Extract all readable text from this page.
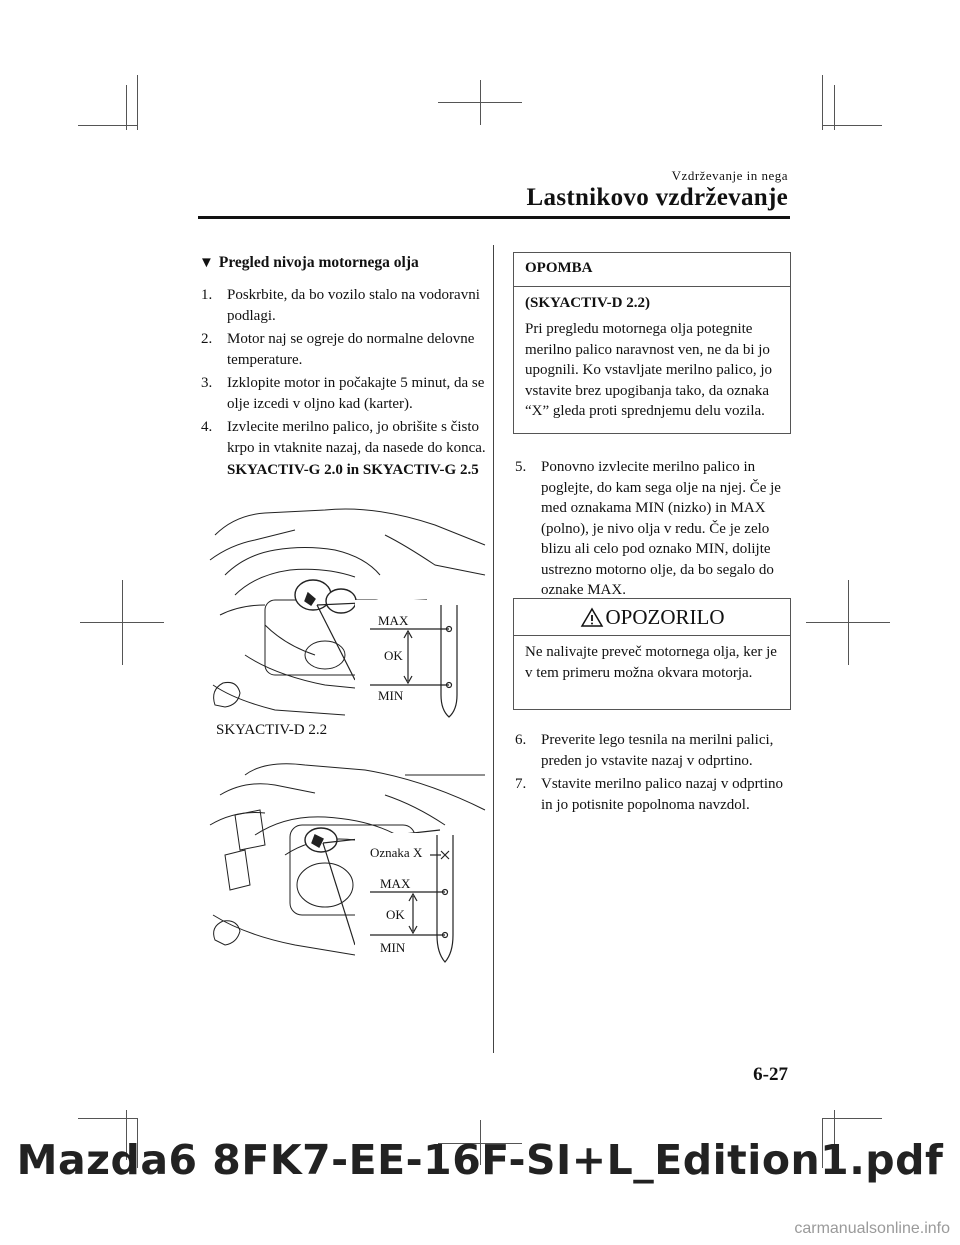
Vzdrževanje in nega
Lastnikovo vzdrževanje
▼ Pregled nivoja motornega olja
1. Poskrbite, da bo vozilo stalo na vodoravni podlagi.
2. Motor naj se ogreje do normalne delovne temperature.
3. Izklopite motor in počakajte 5 minut, da se olje izcedi v oljno kad (karter).
4. Izvlecite merilno palico, jo obrišite s čisto krpo in vtaknite nazaj, da nasede do konca.
SKYACTIV-G 2.0 in SKYACTIV-G 2.5
MAX
OK
MIN
SKYACTIV-D 2.2
Oznaka X
MAX
OK
MIN
OPOMBA
(SKYACTIV-D 2.2)
Pri pregledu motornega olja potegnite merilno palico naravnost ven, ne da bi jo upognili. Ko vstavljate merilno palico, jo vstavite brez upogibanja tako, da oznaka “X” gleda proti sprednjemu delu vozila.
5. Ponovno izvlecite merilno palico in poglejte, do kam sega olje na njej. Če je med oznakama MIN (nizko) in MAX (polno), je nivo olja v redu. Če je zelo blizu ali celo pod oznako MIN, dolijte ustrezno motorno olje, da bo segalo do oznake MAX.
OPOZORILO
Ne nalivajte preveč motornega olja, ker je v tem primeru možna okvara motorja.
6. Preverite lego tesnila na merilni palici, preden jo vstavite nazaj v odprtino.
7. Vstavite merilno palico nazaj v odprtino in jo potisnite popolnoma navzdol.
6-27
Mazda6 8FK7-EE-16F-SI+L_Edition1.pdf
carmanualsonline.info
